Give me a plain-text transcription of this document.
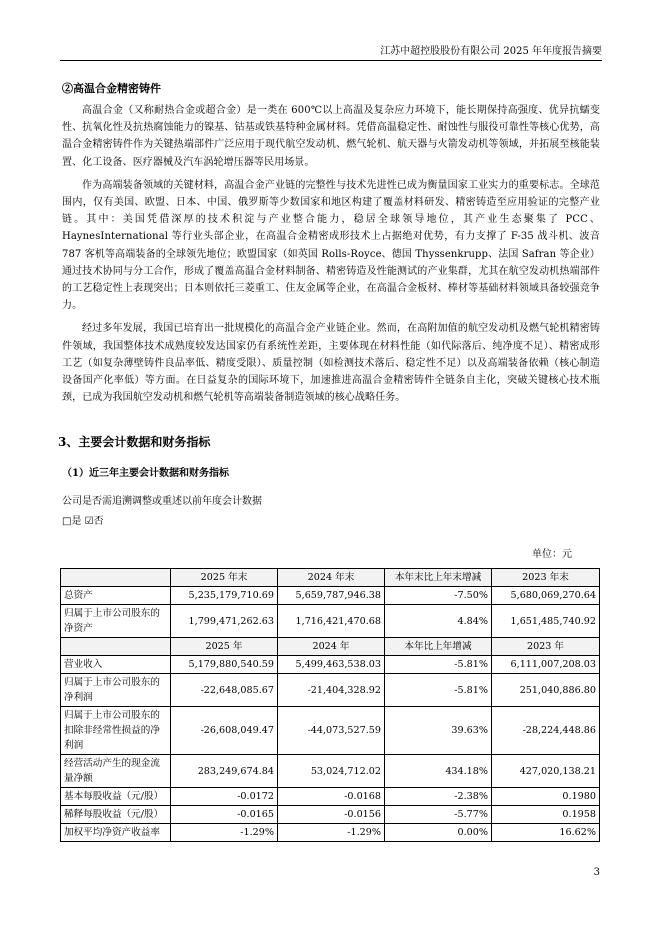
江苏中超控股股份有限公司 2025 年年度报告摘要

②高温合金精密铸件

高温合金（又称耐热合金或超合金）是一类在 600℃以上高温及复杂应力环境下，能长期保持高强度、优异抗蠕变性、抗氧化性及抗热腐蚀能力的镍基、钴基或铁基特种金属材料。凭借高温稳定性、耐蚀性与服役可靠性等核心优势，高温合金精密铸件作为关键热端部件广泛应用于现代航空发动机、燃气轮机、航天器与火箭发动机等领域，并拓展至核能装置、化工设备、医疗器械及汽车涡轮增压器等民用场景。

作为高端装备领域的关键材料，高温合金产业链的完整性与技术先进性已成为衡量国家工业实力的重要标志。全球范围内，仅有美国、欧盟、日本、中国、俄罗斯等少数国家和地区构建了覆盖材料研发、精密铸造至应用验证的完整产业链。其中：美国凭借深厚的技术积淀与产业整合能力，稳居全球领导地位，其产业生态聚集了 PCC、HaynesInternational 等行业头部企业，在高温合金精密成形技术上占据绝对优势，有力支撑了 F-35 战斗机、波音 787 客机等高端装备的全球领先地位；欧盟国家（如英国 Rolls-Royce、德国 Thyssenkrupp、法国 Safran 等企业）通过技术协同与分工合作，形成了覆盖高温合金材料制备、精密铸造及性能测试的产业集群，尤其在航空发动机热端部件的工艺稳定性上表现突出；日本则依托三菱重工、住友金属等企业，在高温合金板材、棒材等基础材料领域具备较强竞争力。

经过多年发展，我国已培育出一批规模化的高温合金产业链企业。然而，在高附加值的航空发动机及燃气轮机精密铸件领域，我国整体技术成熟度较发达国家仍有系统性差距，主要体现在材料性能（如代际落后、纯净度不足）、精密成形工艺（如复杂薄壁铸件良品率低、精度受限）、质量控制（如检测技术落后、稳定性不足）以及高端装备依赖（核心制造设备国产化率低）等方面。在日益复杂的国际环境下，加速推进高温合金精密铸件全链条自主化，突破关键核心技术瓶颈，已成为我国航空发动机和燃气轮机等高端装备制造领域的核心战略任务。

3、主要会计数据和财务指标

（1）近三年主要会计数据和财务指标

公司是否需追溯调整或重述以前年度会计数据

□是 ☑否

单位：元

	2025 年末	2024 年末	本年末比上年末增减	2023 年末
总资产	5,235,179,710.69	5,659,787,946.38	-7.50%	5,680,069,270.64
归属于上市公司股东的净资产	1,799,471,262.63	1,716,421,470.68	4.84%	1,651,485,740.92
	2025 年	2024 年	本年比上年增减	2023 年
营业收入	5,179,880,540.59	5,499,463,538.03	-5.81%	6,111,007,208.03
归属于上市公司股东的净利润	-22,648,085.67	-21,404,328.92	-5.81%	251,040,886.80
归属于上市公司股东的扣除非经常性损益的净利润	-26,608,049.47	-44,073,527.59	39.63%	-28,224,448.86
经营活动产生的现金流量净额	283,249,674.84	53,024,712.02	434.18%	427,020,138.21
基本每股收益（元/股）	-0.0172	-0.0168	-2.38%	0.1980
稀释每股收益（元/股）	-0.0165	-0.0156	-5.77%	0.1958
加权平均净资产收益率	-1.29%	-1.29%	0.00%	16.62%
3
